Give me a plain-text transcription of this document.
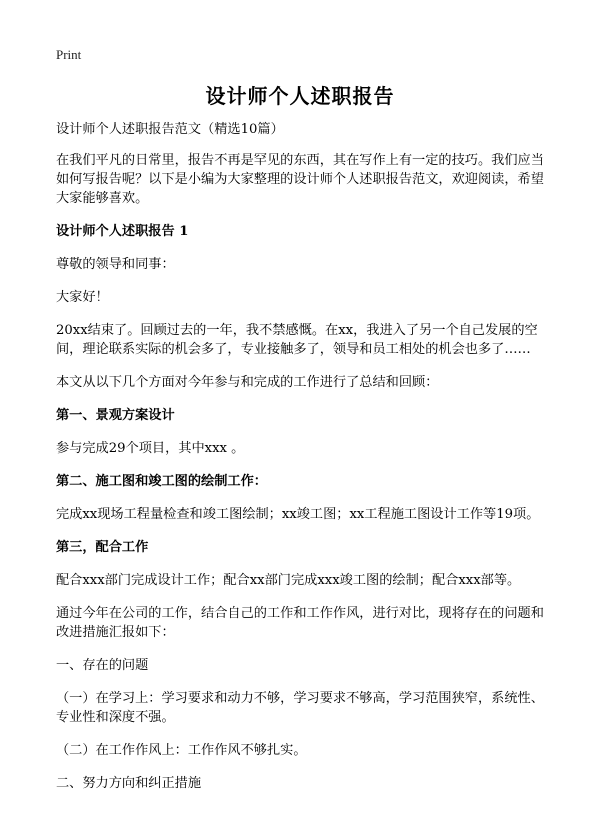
Print
设计师个人述职报告

设计师个人述职报告范文（精选10篇）

在我们平凡的日常里，报告不再是罕见的东西，其在写作上有一定的技巧。我们应当如何写报告呢？以下是小编为大家整理的设计师个人述职报告范文，欢迎阅读，希望大家能够喜欢。

设计师个人述职报告 1

尊敬的领导和同事：

大家好！

20xx结束了。回顾过去的一年，我不禁感慨。在xx，我进入了另一个自己发展的空间，理论联系实际的机会多了，专业接触多了，领导和员工相处的机会也多了……

本文从以下几个方面对今年参与和完成的工作进行了总结和回顾：

第一、景观方案设计

参与完成29个项目，其中xxx 。

第二、施工图和竣工图的绘制工作：

完成xx现场工程量检查和竣工图绘制；xx竣工图；xx工程施工图设计工作等19项。

第三，配合工作

配合xxx部门完成设计工作；配合xx部门完成xxx竣工图的绘制；配合xxx部等。

通过今年在公司的工作，结合自己的工作和工作作风，进行对比，现将存在的问题和改进措施汇报如下：

一、存在的问题

（一）在学习上：学习要求和动力不够，学习要求不够高，学习范围狭窄，系统性、专业性和深度不强。

（二）在工作作风上：工作作风不够扎实。

二、努力方向和纠正措施
